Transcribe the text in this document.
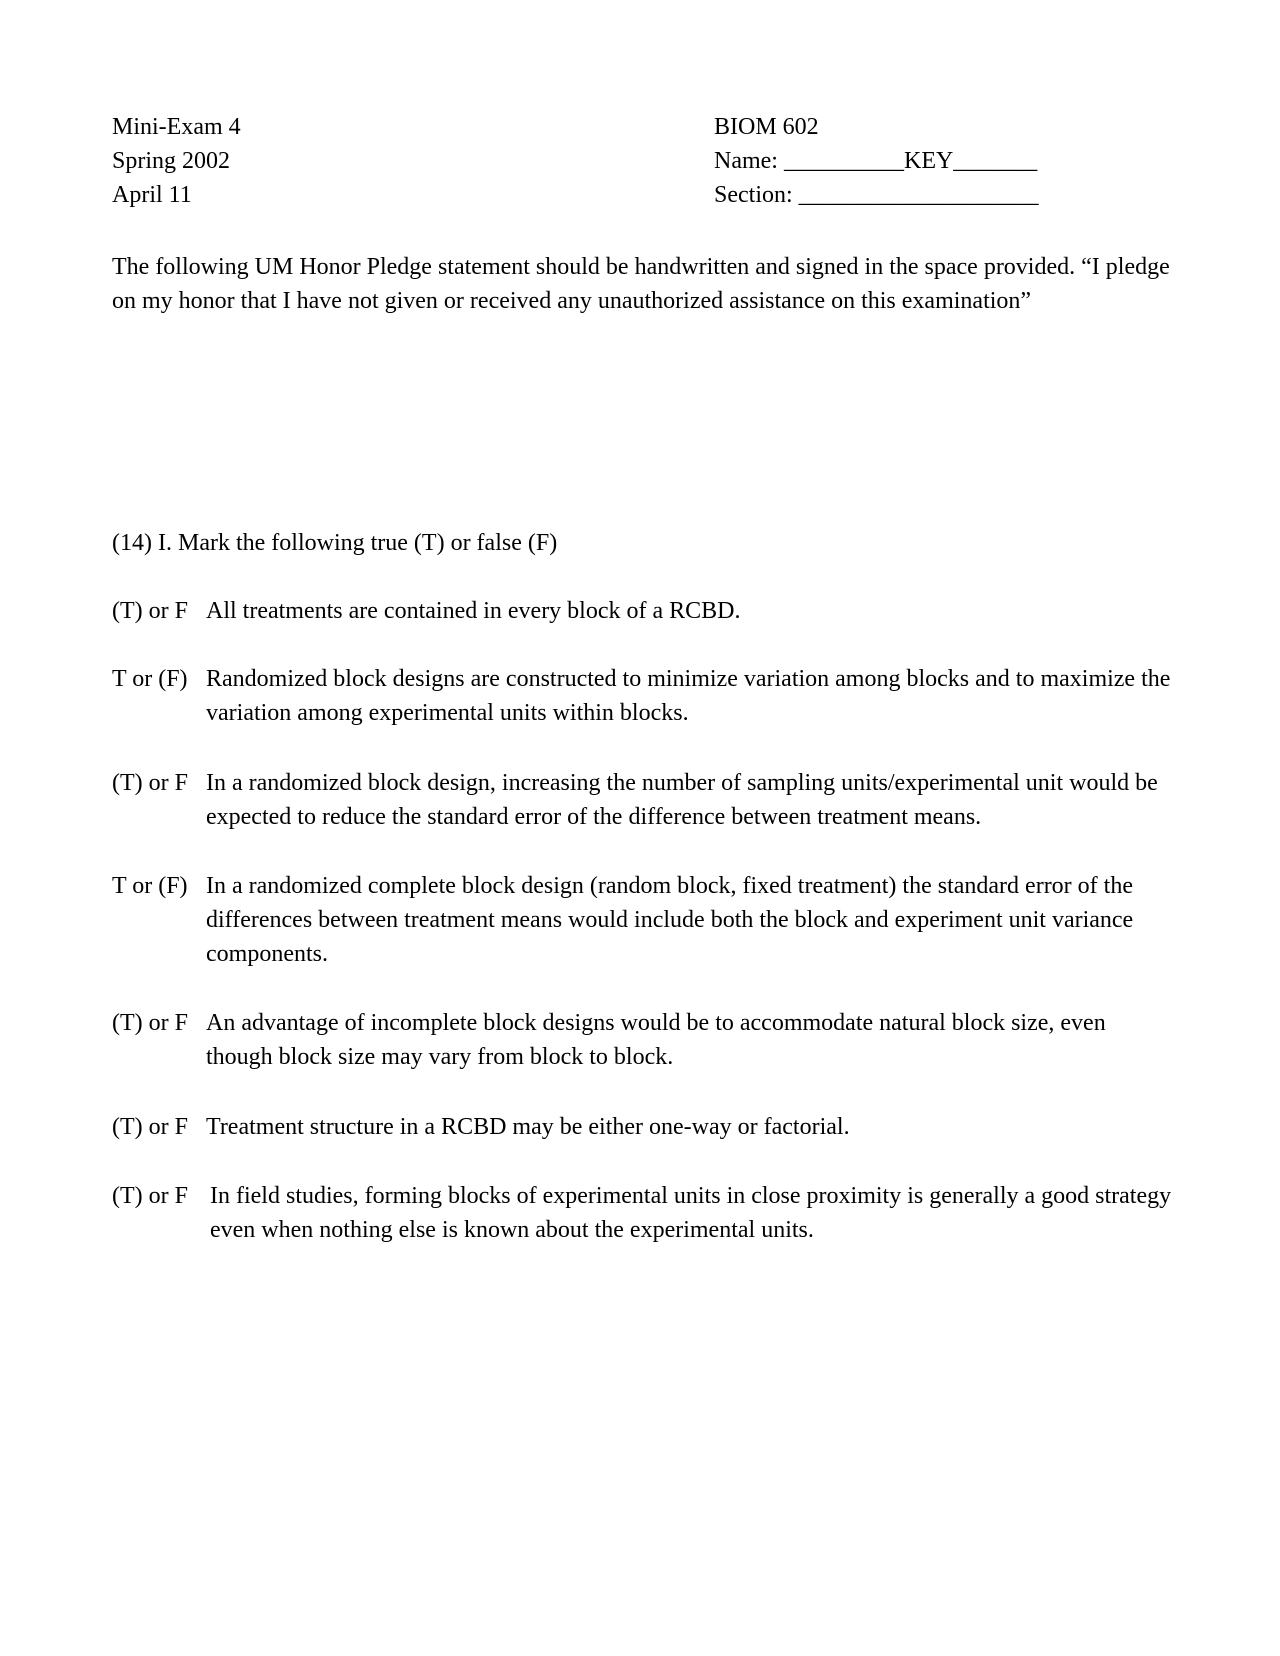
Mini-Exam 4
Spring 2002
April 11
BIOM 602
Name: __________KEY_______
Section: ____________________
The following UM Honor Pledge statement should be handwritten and signed in the space provided. “I pledge on my honor that I have not given or received any unauthorized assistance on this examination”
(14) I. Mark the following true (T) or false (F)
(T) or F All treatments are contained in every block of a RCBD.
T or (F) Randomized block designs are constructed to minimize variation among blocks and to maximize the variation among experimental units within blocks.
(T) or F In a randomized block design, increasing the number of sampling units/experimental unit would be expected to reduce the standard error of the difference between treatment means.
T or (F) In a randomized complete block design (random block, fixed treatment) the standard error of the differences between treatment means would include both the block and experiment unit variance components.
(T) or F An advantage of incomplete block designs would be to accommodate natural block size, even though block size may vary from block to block.
(T) or F Treatment structure in a RCBD may be either one-way or factorial.
(T) or F In field studies, forming blocks of experimental units in close proximity is generally a good strategy even when nothing else is known about the experimental units.
